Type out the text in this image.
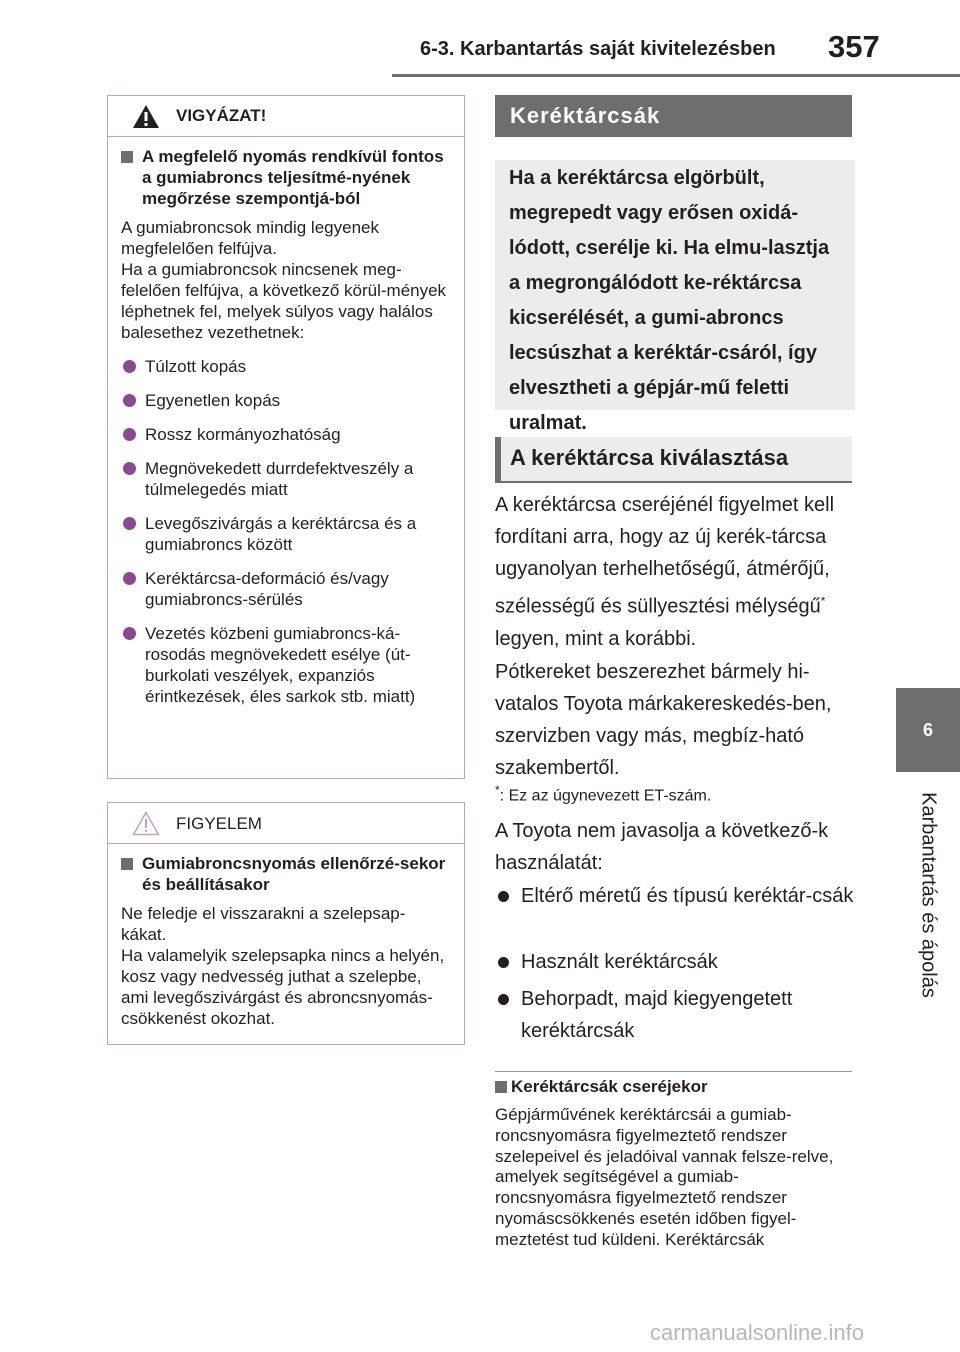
6-3. Karbantartás saját kivitelezésben 357
6
Karbantartás és ápolás
VIGYÁZAT!
A megfelelő nyomás rendkívül fontos a gumiabroncs teljesítmé-nyének megőrzése szempontjá-ból
A gumiabroncsok mindig legyenek megfelelően felfújva.
Ha a gumiabroncsok nincsenek meg-felelően felfújva, a következő körül-mények léphetnek fel, melyek súlyos vagy halálos balesethez vezethetnek:
Túlzott kopás
Egyenetlen kopás
Rossz kormányozhatóság
Megnövekedett durrdefektveszély a túlmelegedés miatt
Levegőszivárgás a keréktárcsa és a gumiabroncs között
Keréktárcsa-deformáció és/vagy gumiabroncs-sérülés
Vezetés közbeni gumiabroncs-ká-rosodás megnövekedett esélye (út-burkolati veszélyek, expanziós érintkezések, éles sarkok stb. miatt)
FIGYELEM
Gumiabroncsnyomás ellenőrzé-sekor és beállításakor
Ne feledje el visszarakni a szelepsap-kákat.
Ha valamelyik szelepsapka nincs a helyén, kosz vagy nedvesség juthat a szelepbe, ami levegőszivárgást és abroncsnyomás-csökkenést okozhat.
Keréktárcsák
Ha a keréktárcsa elgörbült, megrepedt vagy erősen oxidá-lódott, cserélje ki. Ha elmu-lasztja a megrongálódott ke-réktárcsa kicserélését, a gumi-abroncs lecsúszhat a keréktár-csáról, így elvesztheti a gépjár-mű feletti uralmat.
A keréktárcsa kiválasztása
A keréktárcsa cseréjénél figyelmet kell fordítani arra, hogy az új kerék-tárcsa ugyanolyan terhelhetőségű, átmérőjű, szélességű és süllyesztési mélységű* legyen, mint a korábbi.
Pótkereket beszerezhet bármely hi-vatalos Toyota márkakereskedés-ben, szervizben vagy más, megbíz-ható szakembertől.
*: Ez az úgynevezett ET-szám.
A Toyota nem javasolja a következő-k használatát:
Eltérő méretű és típusú keréktár-csák
Használt keréktárcsák
Behorpadt, majd kiegyengetett keréktárcsák
Keréktárcsák cseréjekor
Gépjárművének keréktárcsái a gumiab-roncsnyomásra figyelmeztető rendszer szelepeivel és jeladóival vannak felsze-relve, amelyek segítségével a gumiab-roncsnyomásra figyelmeztető rendszer nyomáscsökkenés esetén időben figyel-meztetést tud küldeni. Keréktárcsák
carmanualsonline.info
